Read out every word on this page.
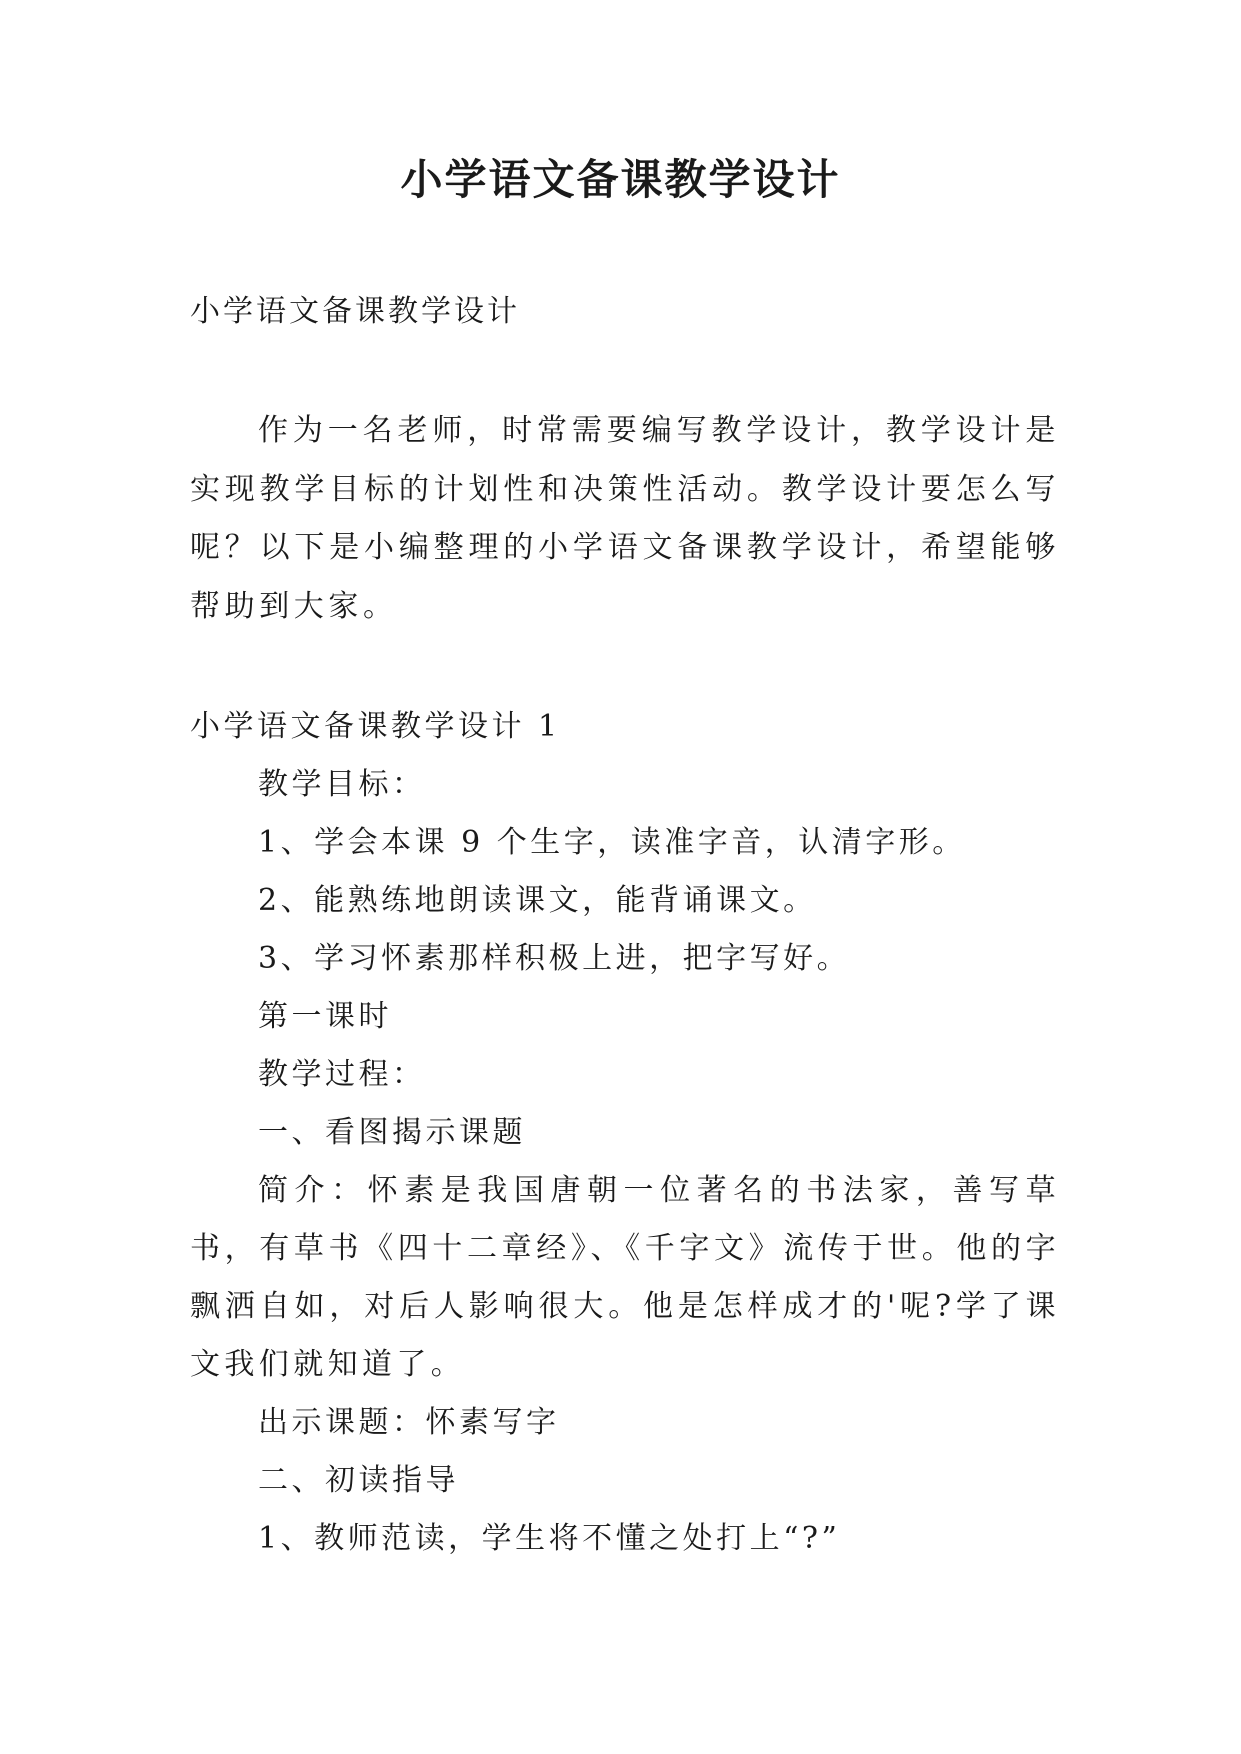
小学语文备课教学设计

小学语文备课教学设计

作为一名老师，时常需要编写教学设计，教学设计是实现教学目标的计划性和决策性活动。教学设计要怎么写呢？以下是小编整理的小学语文备课教学设计，希望能够帮助到大家。

小学语文备课教学设计 1

教学目标：

1、学会本课 9 个生字，读准字音，认清字形。

2、能熟练地朗读课文，能背诵课文。

3、学习怀素那样积极上进，把字写好。

第一课时

教学过程：

一、看图揭示课题

简介：怀素是我国唐朝一位著名的书法家，善写草书，有草书《四十二章经》、《千字文》流传于世。他的字飘洒自如，对后人影响很大。他是怎样成才的'呢?学了课文我们就知道了。

出示课题：怀素写字

二、初读指导

1、教师范读，学生将不懂之处打上“?”
